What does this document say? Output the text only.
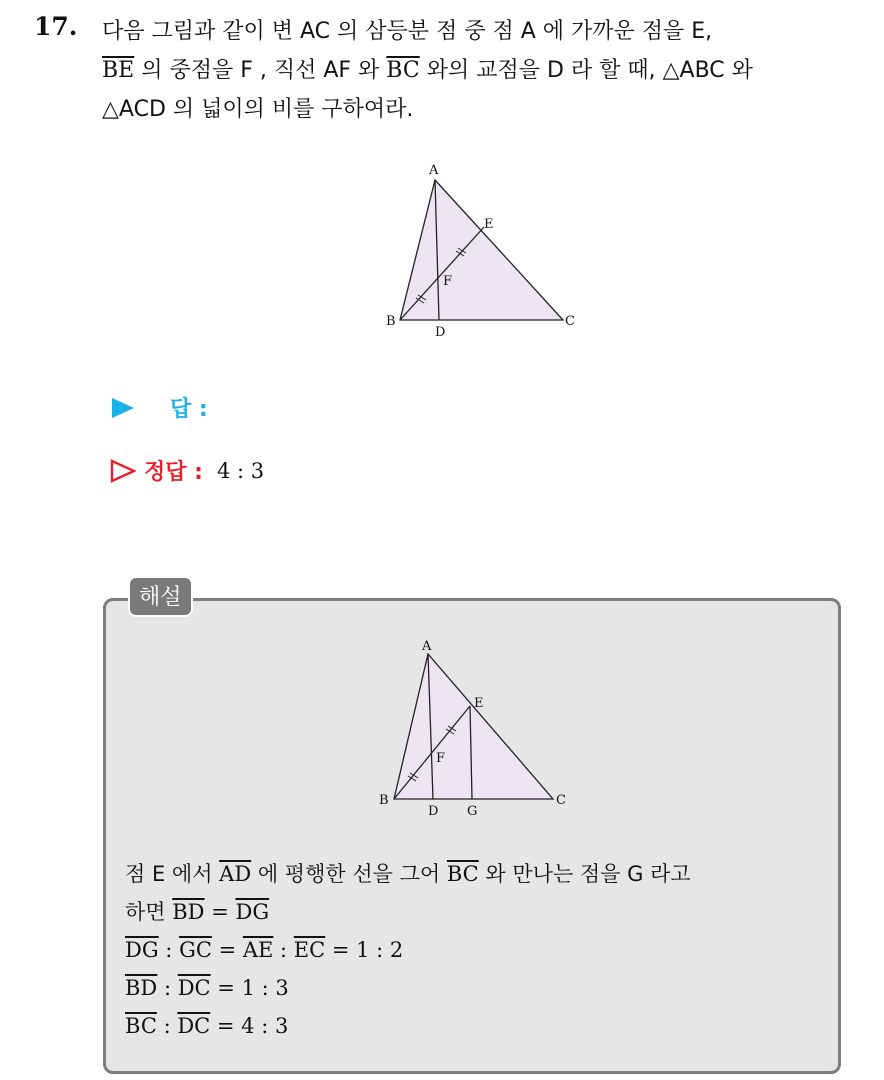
17. 다음 그림과 같이 변 AC 의 삼등분 점 중 점 A 에 가까운 점을 E,
$\overline{BE}$ 의 중점을 F , 직선 AF 와 $\overline{BC}$ 와의 교점을 D 라 할 때, △ABC 와
△ACD 의 넓이의 비를 구하여라.
A
B	C
D
E
F
답 :
정답 : 4 : 3
해설
A
B	C
D
E
F
G
점 E 에서 $\overline{AD}$ 에 평행한 선을 그어 $\overline{BC}$ 와 만나는 점을 G 라고
하면 $\overline{BD} = \overline{DG}$
$\overline{DG}$ : $\overline{GC} = \overline{AE}$ : $\overline{EC} = 1$ : 2
$\overline{BD}$ : $\overline{DC} = 1$ : 3
$\overline{BC}$ : $\overline{DC} = 4$ : 3
